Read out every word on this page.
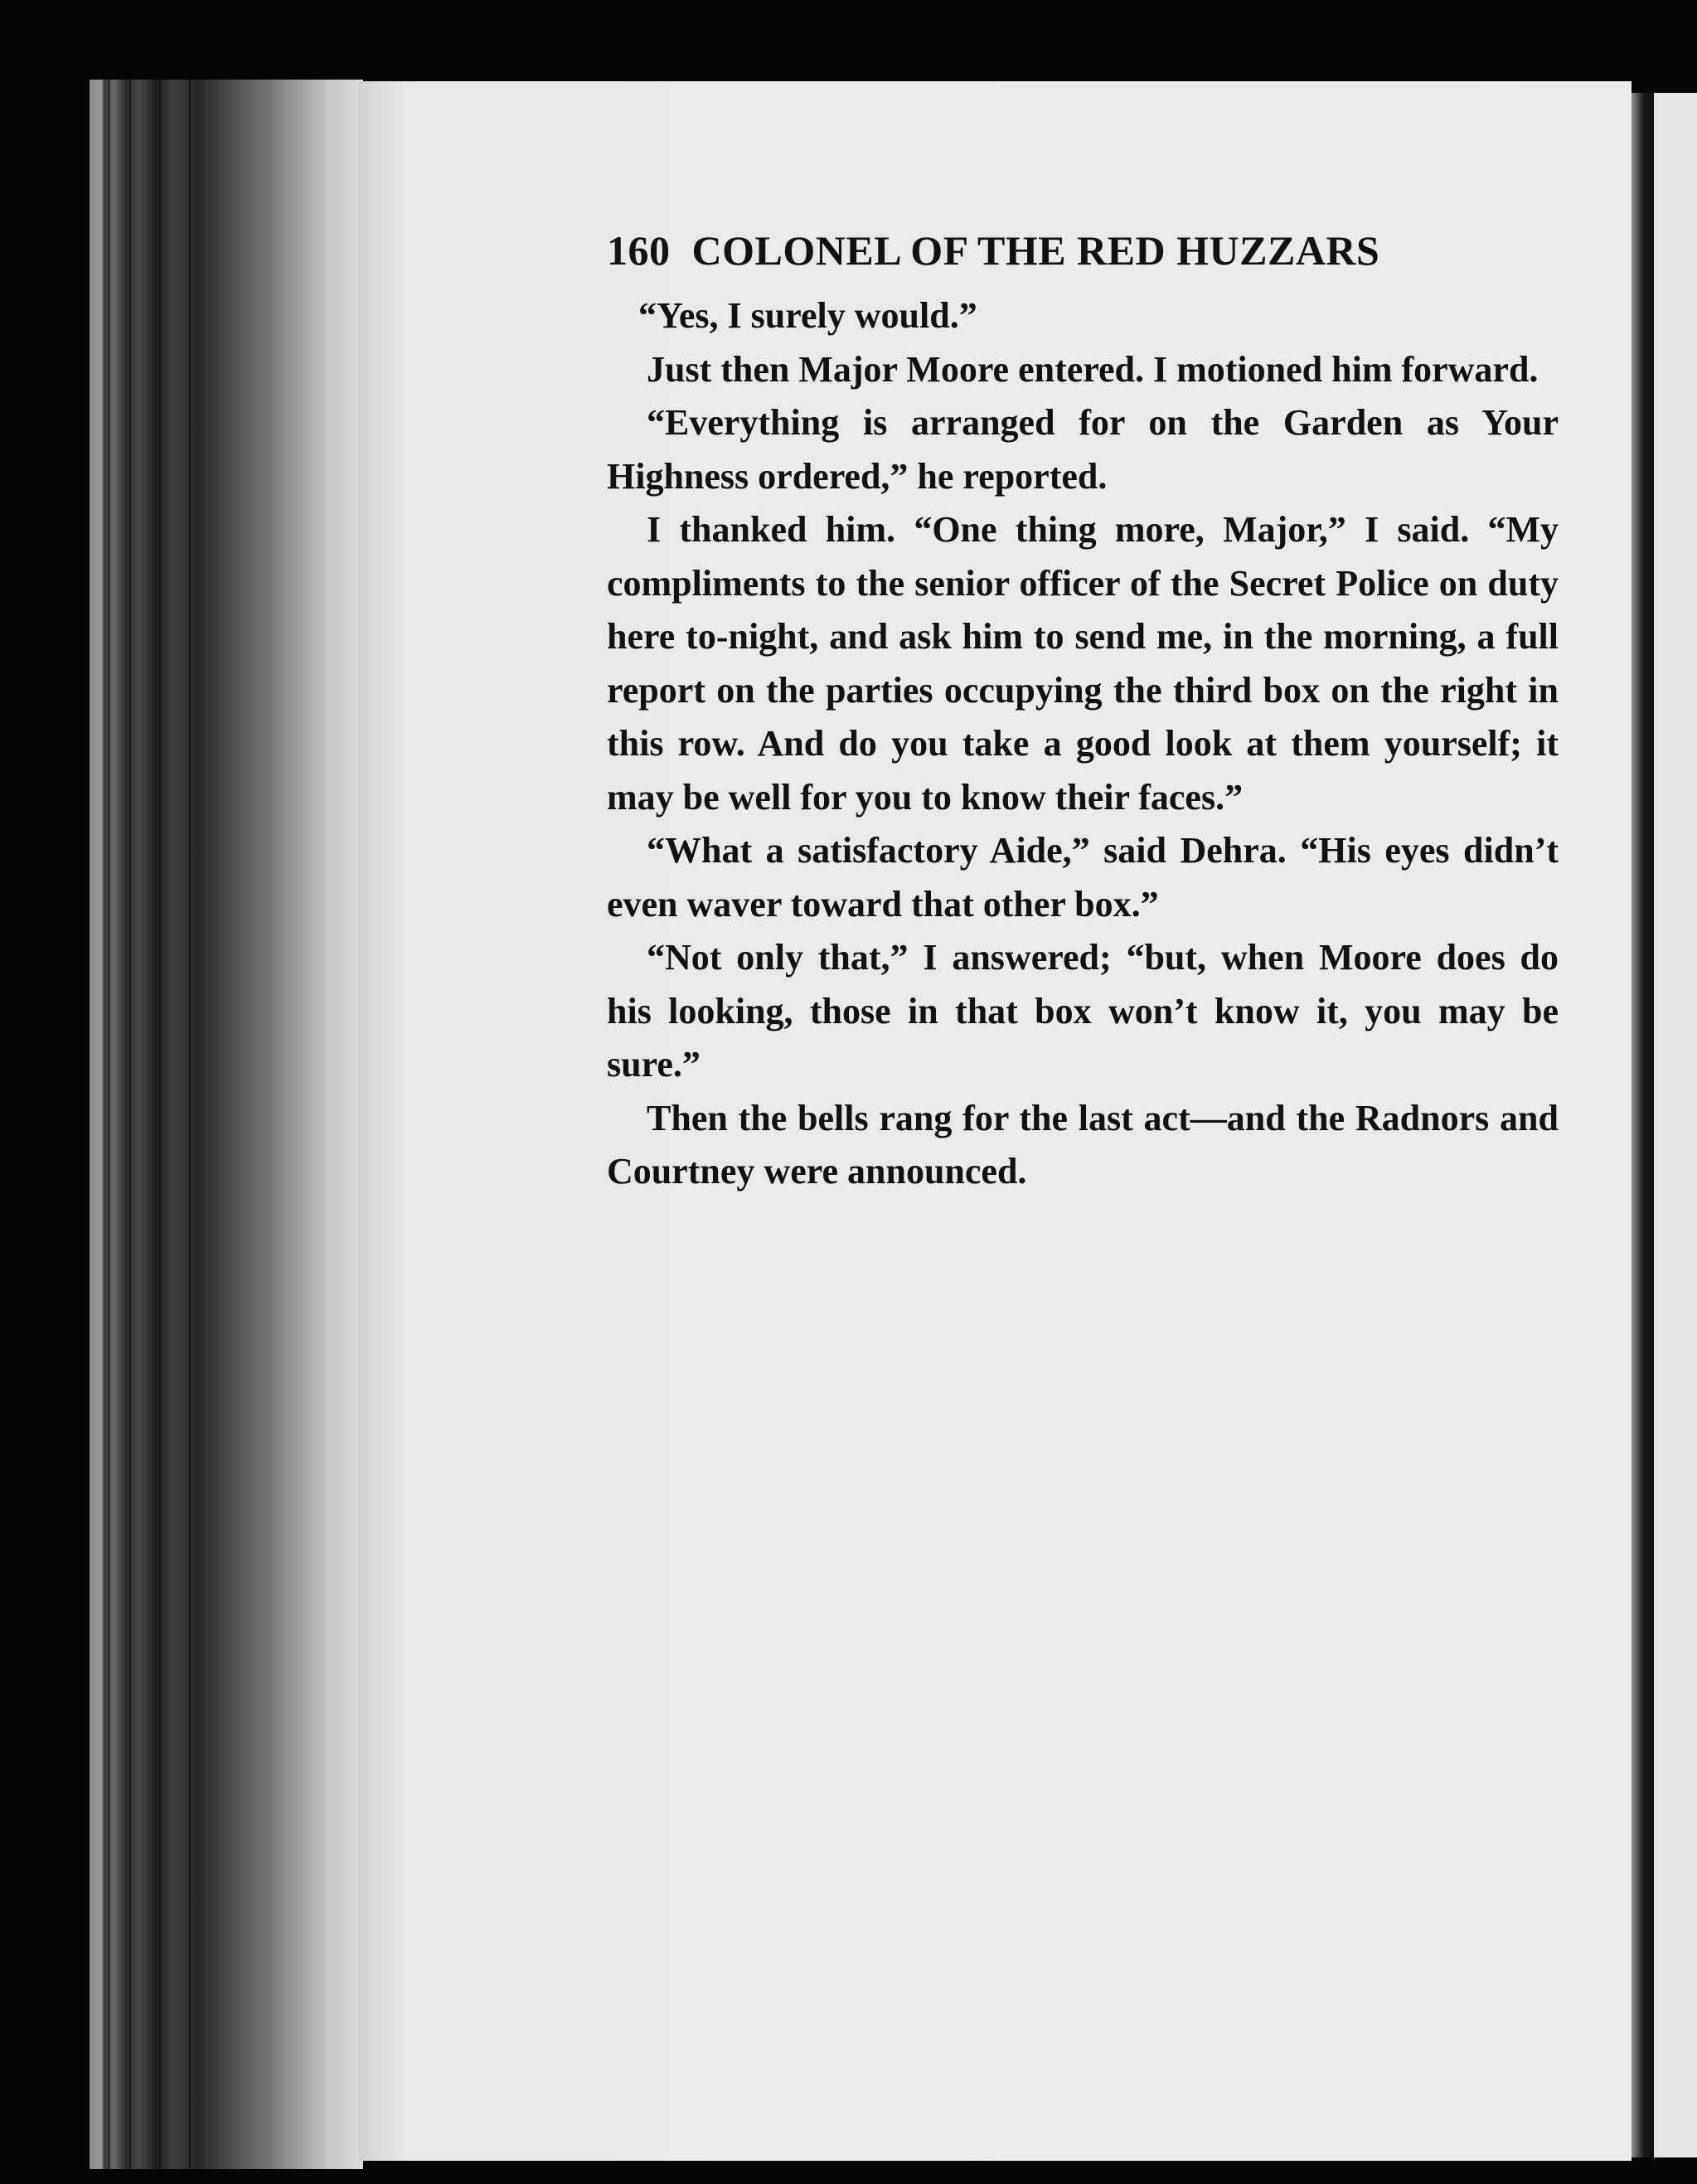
160 COLONEL OF THE RED HUZZARS

“Yes, I surely would.”

Just then Major Moore entered. I motioned him forward.

“Everything is arranged for on the Garden as Your Highness ordered,” he reported.

I thanked him. “One thing more, Major,” I said. “My compliments to the senior officer of the Secret Police on duty here to-night, and ask him to send me, in the morning, a full report on the parties occupying the third box on the right in this row. And do you take a good look at them yourself; it may be well for you to know their faces.”

“What a satisfactory Aide,” said Dehra. “His eyes didn’t even waver toward that other box.”

“Not only that,” I answered; “but, when Moore does do his looking, those in that box won’t know it, you may be sure.”

Then the bells rang for the last act—and the Radnors and Courtney were announced.
